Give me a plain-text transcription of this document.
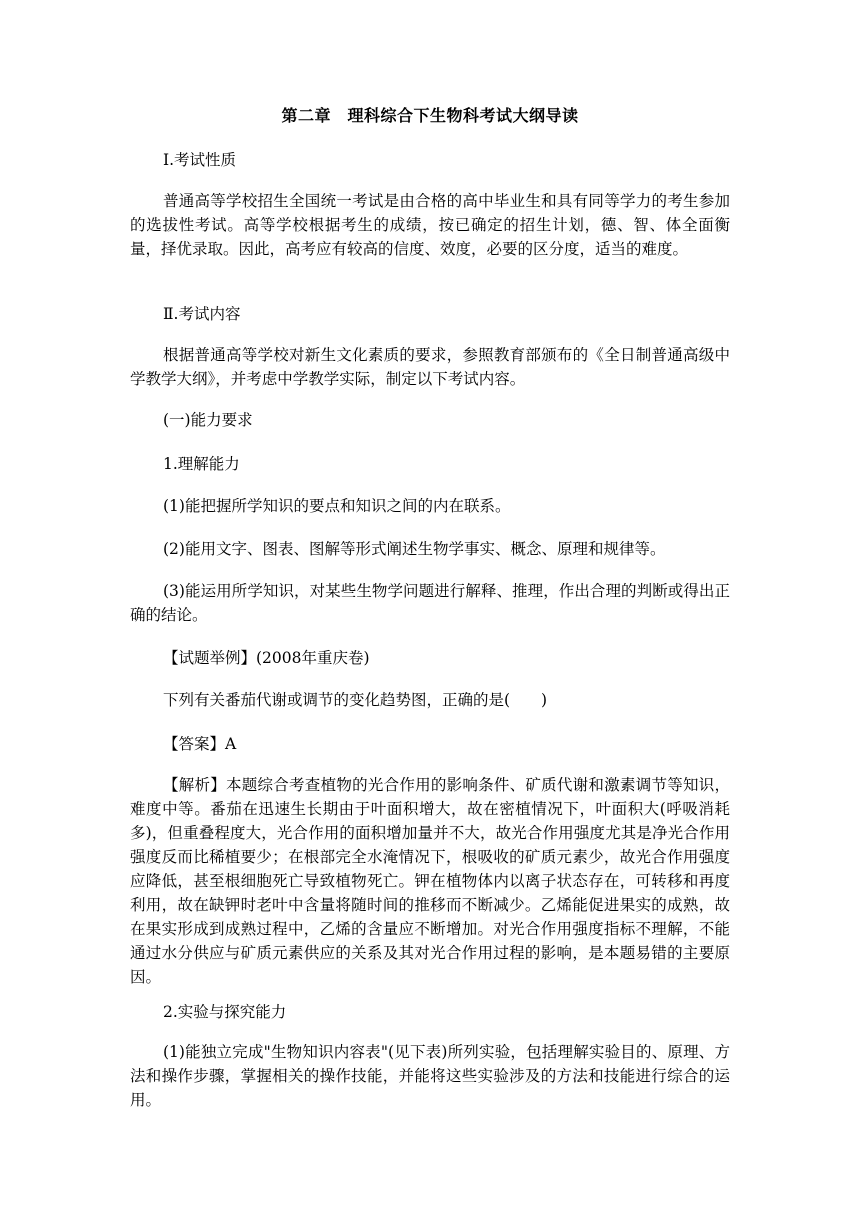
第二章　理科综合下生物科考试大纲导读
Ⅰ.考试性质

普通高等学校招生全国统一考试是由合格的高中毕业生和具有同等学力的考生参加的选拔性考试。高等学校根据考生的成绩，按已确定的招生计划，德、智、体全面衡量，择优录取。因此，高考应有较高的信度、效度，必要的区分度，适当的难度。

Ⅱ.考试内容

根据普通高等学校对新生文化素质的要求，参照教育部颁布的《全日制普通高级中学教学大纲》，并考虑中学教学实际，制定以下考试内容。

(一)能力要求
1.理解能力
(1)能把握所学知识的要点和知识之间的内在联系。
(2)能用文字、图表、图解等形式阐述生物学事实、概念、原理和规律等。

(3)能运用所学知识，对某些生物学问题进行解释、推理，作出合理的判断或得出正确的结论。

【试题举例】(2008年重庆卷)
下列有关番茄代谢或调节的变化趋势图，正确的是(　　)
【答案】A

【解析】本题综合考查植物的光合作用的影响条件、矿质代谢和激素调节等知识，难度中等。番茄在迅速生长期由于叶面积增大，故在密植情况下，叶面积大(呼吸消耗多)，但重叠程度大，光合作用的面积增加量并不大，故光合作用强度尤其是净光合作用强度反而比稀植要少；在根部完全水淹情况下，根吸收的矿质元素少，故光合作用强度应降低，甚至根细胞死亡导致植物死亡。钾在植物体内以离子状态存在，可转移和再度利用，故在缺钾时老叶中含量将随时间的推移而不断减少。乙烯能促进果实的成熟，故在果实形成到成熟过程中，乙烯的含量应不断增加。对光合作用强度指标不理解，不能通过水分供应与矿质元素供应的关系及其对光合作用过程的影响，是本题易错的主要原因。

2.实验与探究能力

(1)能独立完成"生物知识内容表"(见下表)所列实验，包括理解实验目的、原理、方法和操作步骤，掌握相关的操作技能，并能将这些实验涉及的方法和技能进行综合的运用。
